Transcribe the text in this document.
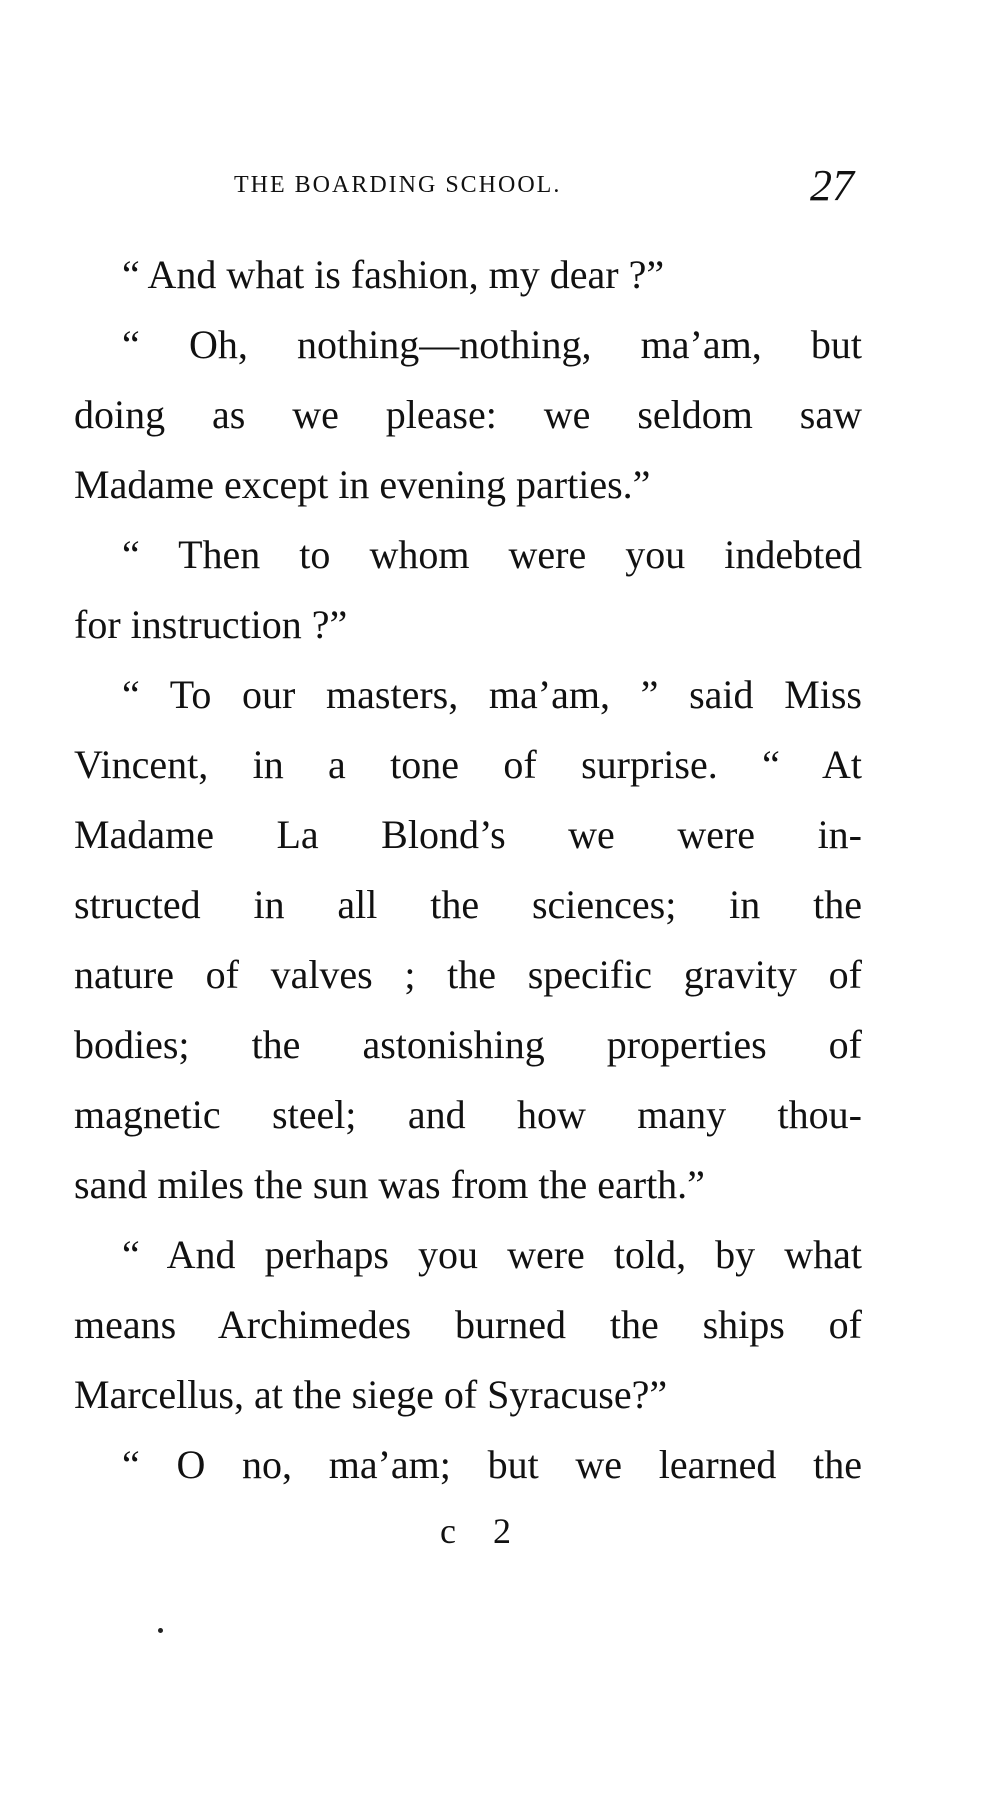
THE BOARDING SCHOOL.	27
“ And what is fashion, my dear ?”
“ Oh, nothing—nothing, ma’am, but
doing as we please: we seldom saw
Madame except in evening parties.”
“ Then to whom were you indebted
for instruction ?”
“ To our masters, ma’am, ” said Miss
Vincent, in a tone of surprise. “ At
Madame La Blond’s we were in-
structed in all the sciences; in the
nature of valves ; the specific gravity of
bodies; the astonishing properties of
magnetic steel; and how many thou-
sand miles the sun was from the earth.”
“ And perhaps you were told, by what
means Archimedes burned the ships of
Marcellus, at the siege of Syracuse?”
“ O no, ma’am; but we learned the
c 2
